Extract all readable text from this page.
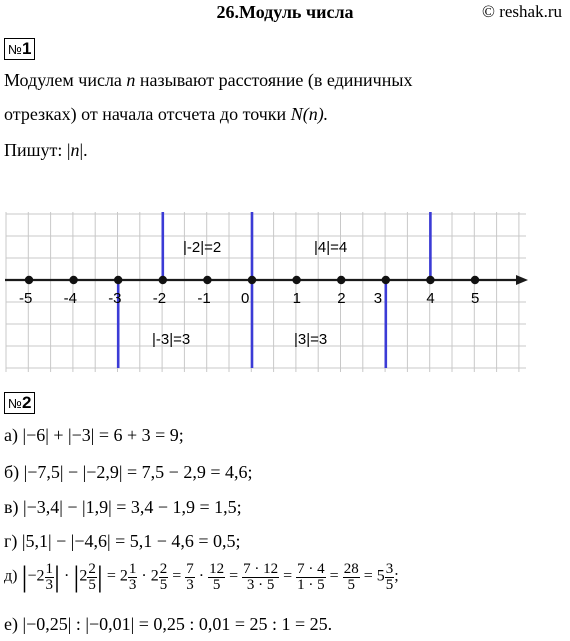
26.Модуль числа	© reshak.ru
№1
Модулем числа n называют расстояние (в единичных
отрезках) от начала отсчета до точки N(n).
Пишут: |n|.
-5 -4 -3 -2 -1 0	1 2 3	4 5
|-2|=2	|4|=4
|-3|=3	|3|=3
№2
а) |−6| + |−3| = 6 + 3 = 9;
б) |−7,5| − |−2,9| = 7,5 − 2,9 = 4,6;
в) |−3,4| − |1,9| = 3,4 − 1,9 = 1,5;
г) |5,1| − |−4,6| = 5,1 − 4,6 = 0,5;
д) $|-2 \frac{1}{3}$ | · $|2 \frac{2}{5}$ | = $2 \frac{1}{3} \cdot 2 \frac{2}{5} = \frac{7}{3} \cdot \frac{12}{5} = \frac{7 \cdot 12}{3 \cdot 5} = \frac{7 \cdot 4}{1 \cdot 5} = \frac{28}{5} = 5 \frac{3}{5}$ ;
е) |−0,25| : |−0,01| = 0,25 : 0,01 = 25 : 1 = 25.
